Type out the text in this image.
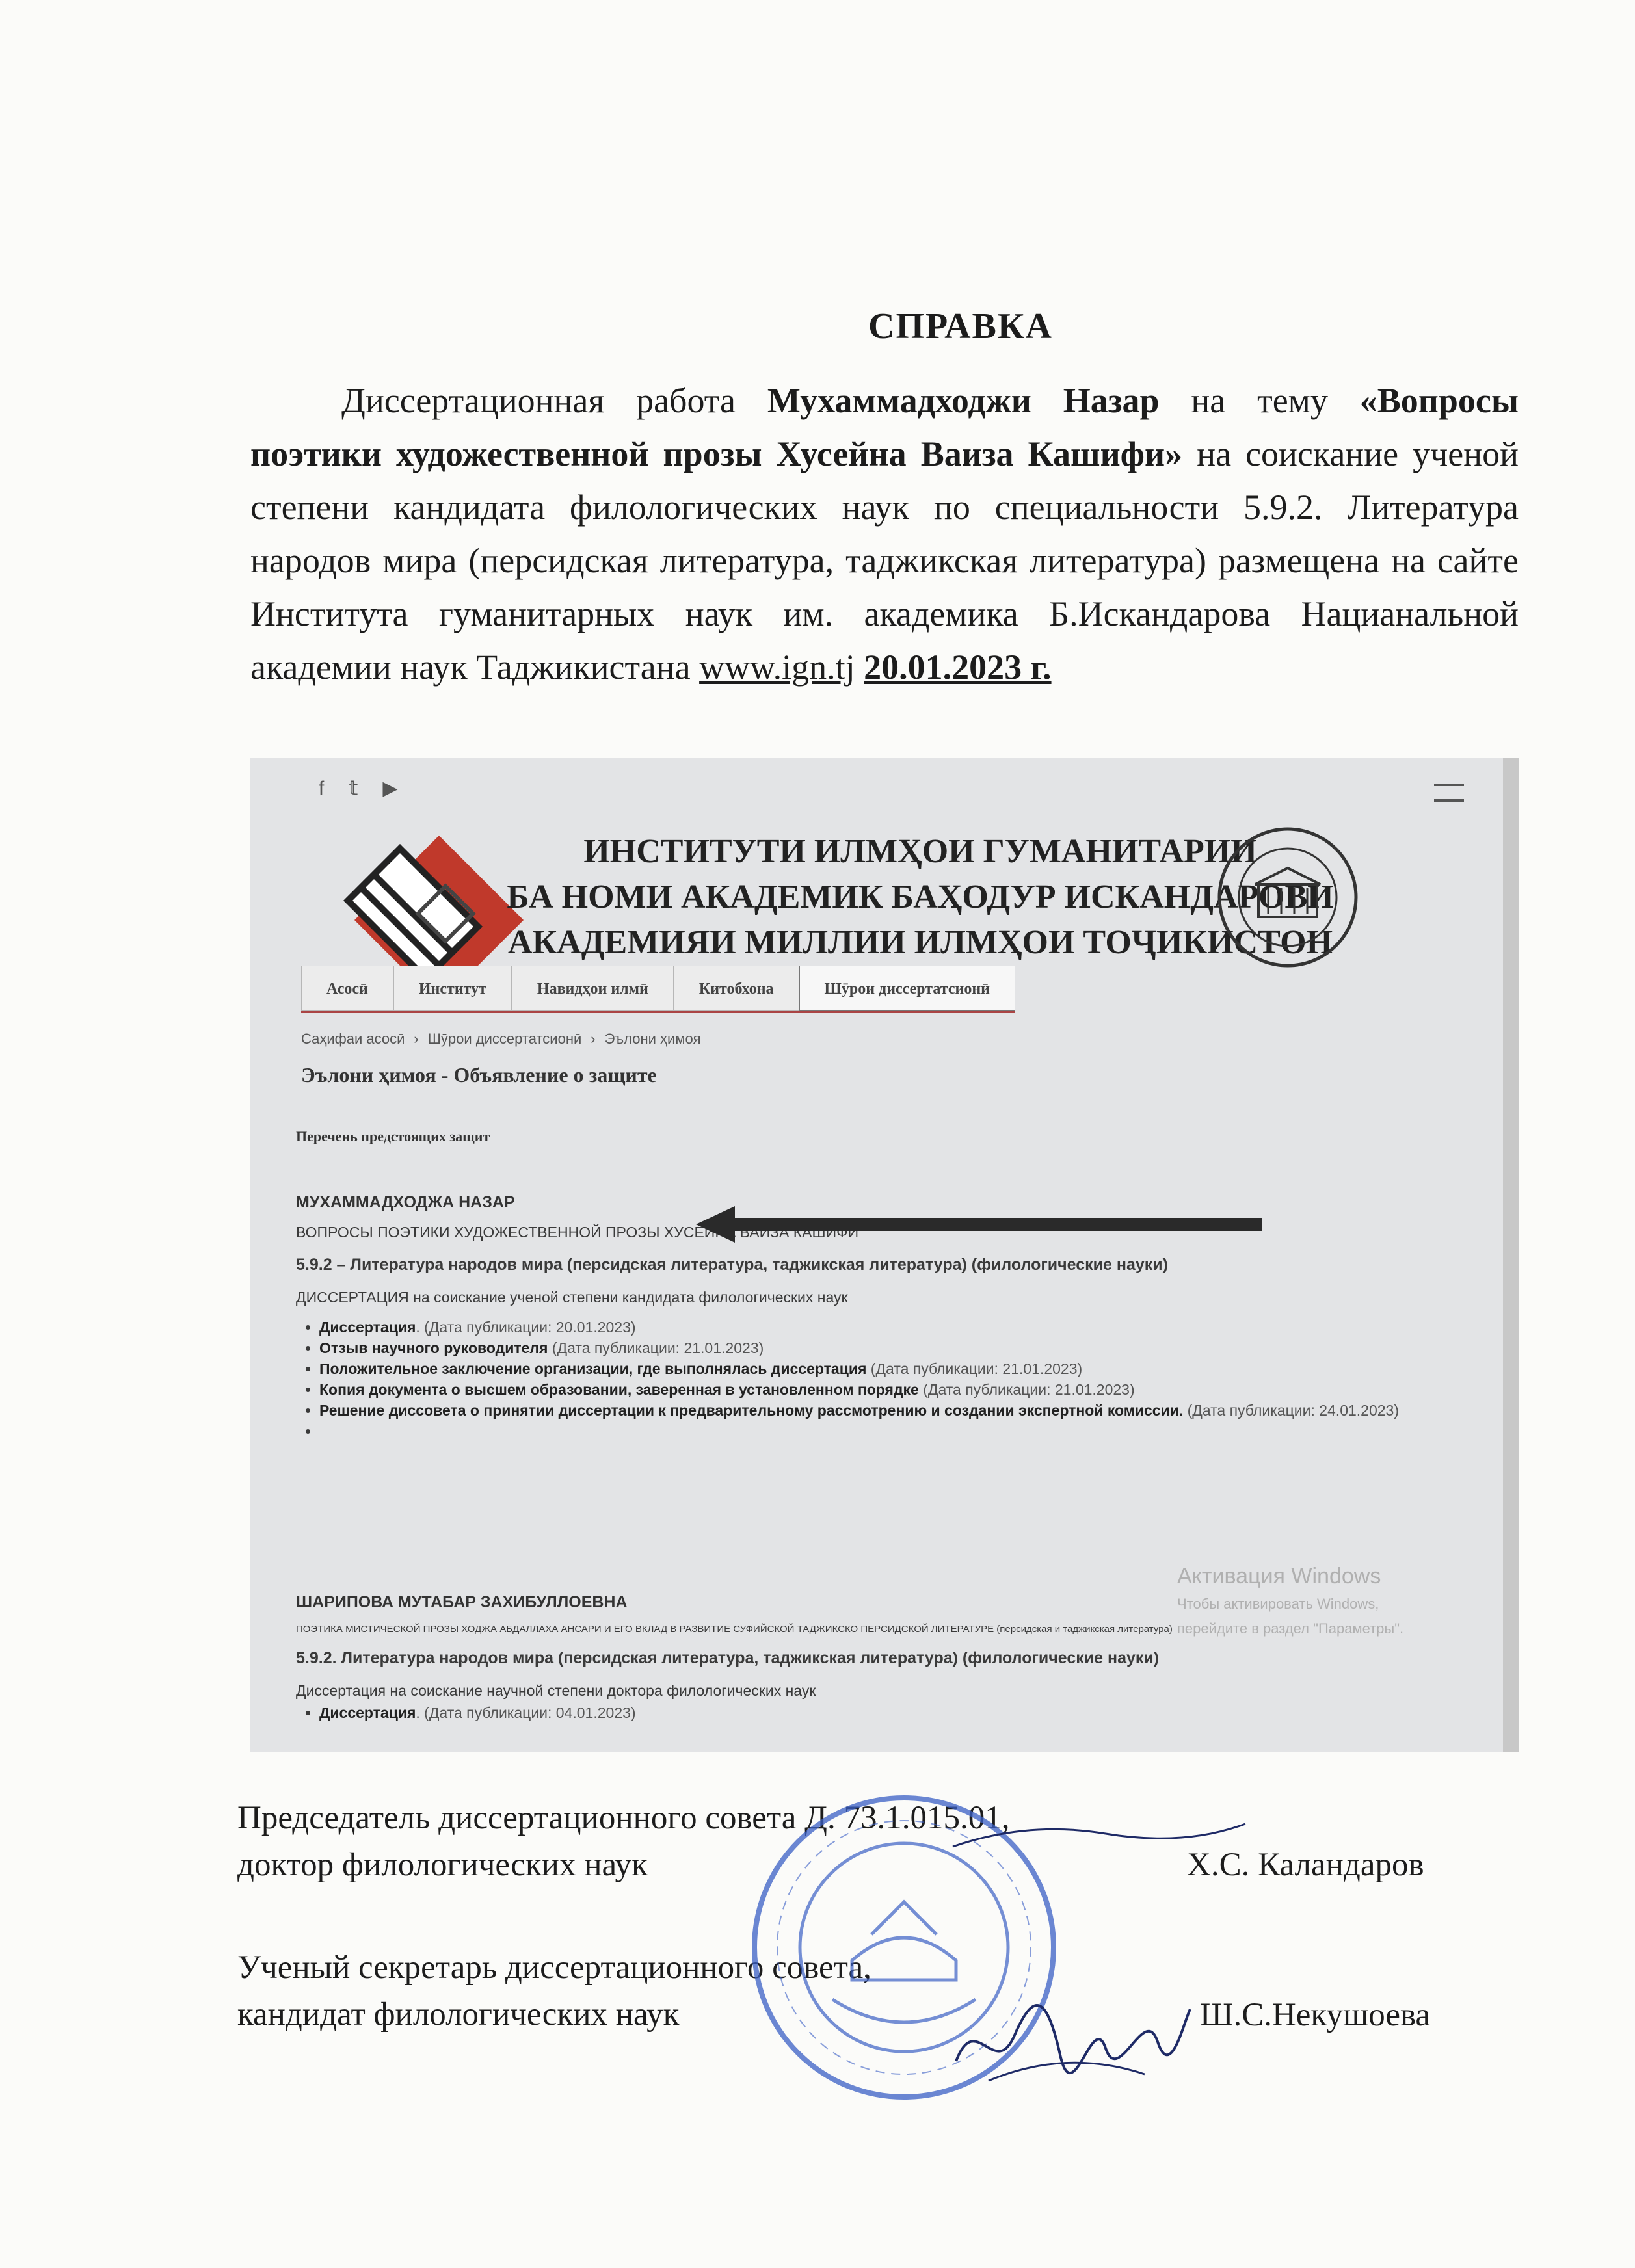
СПРАВКА
Диссертационная работа Мухаммадходжи Назар на тему «Вопросы поэтики художественной прозы Хусейна Ваиза Кашифи» на соискание ученой степени кандидата филологических наук по специальности 5.9.2. Литература народов мира (персидская литература, таджикская литература) размещена на сайте Института гуманитарных наук им. академика Б.Искандарова Нацианальной академии наук Таджикистана www.ign.tj 20.01.2023 г.
f𝕥▶
ИНСТИТУТИ ИЛМҲОИ ГУМАНИТАРИИ
БА НОМИ АКАДЕМИК БАҲОДУР ИСКАНДАРОВИ
АКАДЕМИЯИ МИЛЛИИ ИЛМҲОИ ТОҶИКИСТОН
Асосӣ	Институт	Навидҳои илмӣ	Китобхона	Шӯрои диссертатсионӣ
Саҳифаи асосӣ › Шӯрои диссертатсионӣ › Эълони ҳимоя
Эълони ҳимоя - Объявление о защите
Перечень предстоящих защит
МУХАММАДХОДЖА НАЗАР
ВОПРОСЫ ПОЭТИКИ ХУДОЖЕСТВЕННОЙ ПРОЗЫ ХУСЕЙНА ВАИЗА КАШИФИ
5.9.2 – Литература народов мира (персидская литература, таджикская литература) (филологические науки)
ДИССЕРТАЦИЯ на соискание ученой степени кандидата филологических наук
• Диссертация. (Дата публикации: 20.01.2023)
• Отзыв научного руководителя (Дата публикации: 21.01.2023)
• Положительное заключение организации, где выполнялась диссертация (Дата публикации: 21.01.2023)
• Копия документа о высшем образовании, заверенная в установленном порядке (Дата публикации: 21.01.2023)
• Решение диссовета о принятии диссертации к предварительному рассмотрению и создании экспертной комиссии. (Дата публикации: 24.01.2023)
•
ШАРИПОВА МУТАБАР ЗАХИБУЛЛОЕВНА
ПОЭТИКА МИСТИЧЕСКОЙ ПРОЗЫ ХОДЖА АБДАЛЛАХА АНСАРИ И ЕГО ВКЛАД В РАЗВИТИЕ СУФИЙСКОЙ ТАДЖИКСКО ПЕРСИДСКОЙ ЛИТЕРАТУРЕ (персидская и таджикская литература)
5.9.2. Литература народов мира (персидская литература, таджикская литература) (филологические науки)
Диссертация на соискание научной степени доктора филологических наук
• Диссертация. (Дата публикации: 04.01.2023)
Активация Windows
Чтобы активировать Windows,
перейдите в раздел "Параметры".
Председатель диссертационного совета Д. 73.1.015.01,
доктор филологических наук	Х.С. Каландаров
Ученый секретарь диссертационного совета,
кандидат филологических наук	Ш.С.Некушоева
